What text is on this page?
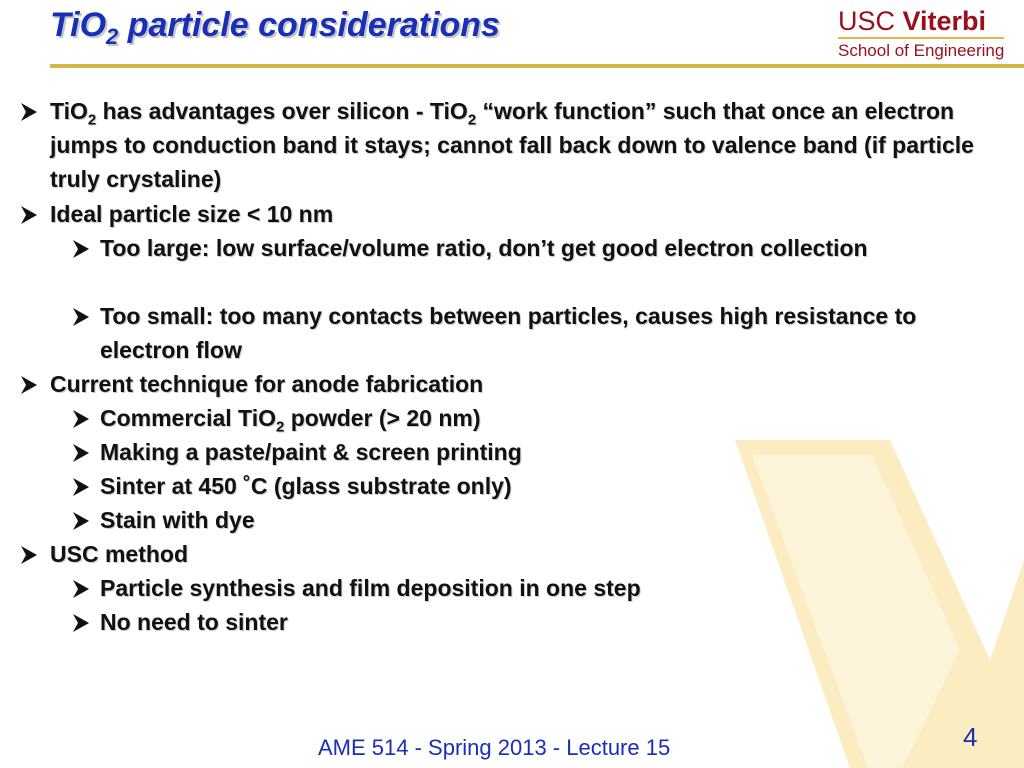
TiO$_2$ particle considerations	USC Viterbi
School of Engineering
TiO$_2$ has advantages over silicon - TiO$_2$ “work function” such that once an electron jumps to conduction band it stays; cannot fall back down to valence band (if particle truly crystaline)
Ideal particle size < 10 nm
Too large: low surface/volume ratio, don’t get good electron collection
Too small: too many contacts between particles, causes high resistance to electron flow
Current technique for anode fabrication
Commercial TiO$_2$ powder (> 20 nm)
Making a paste/paint & screen printing
Sinter at 450 ˚C (glass substrate only)
Stain with dye
USC method
Particle synthesis and film deposition in one step
No need to sinter
AME 514 - Spring 2013 - Lecture 15	4
